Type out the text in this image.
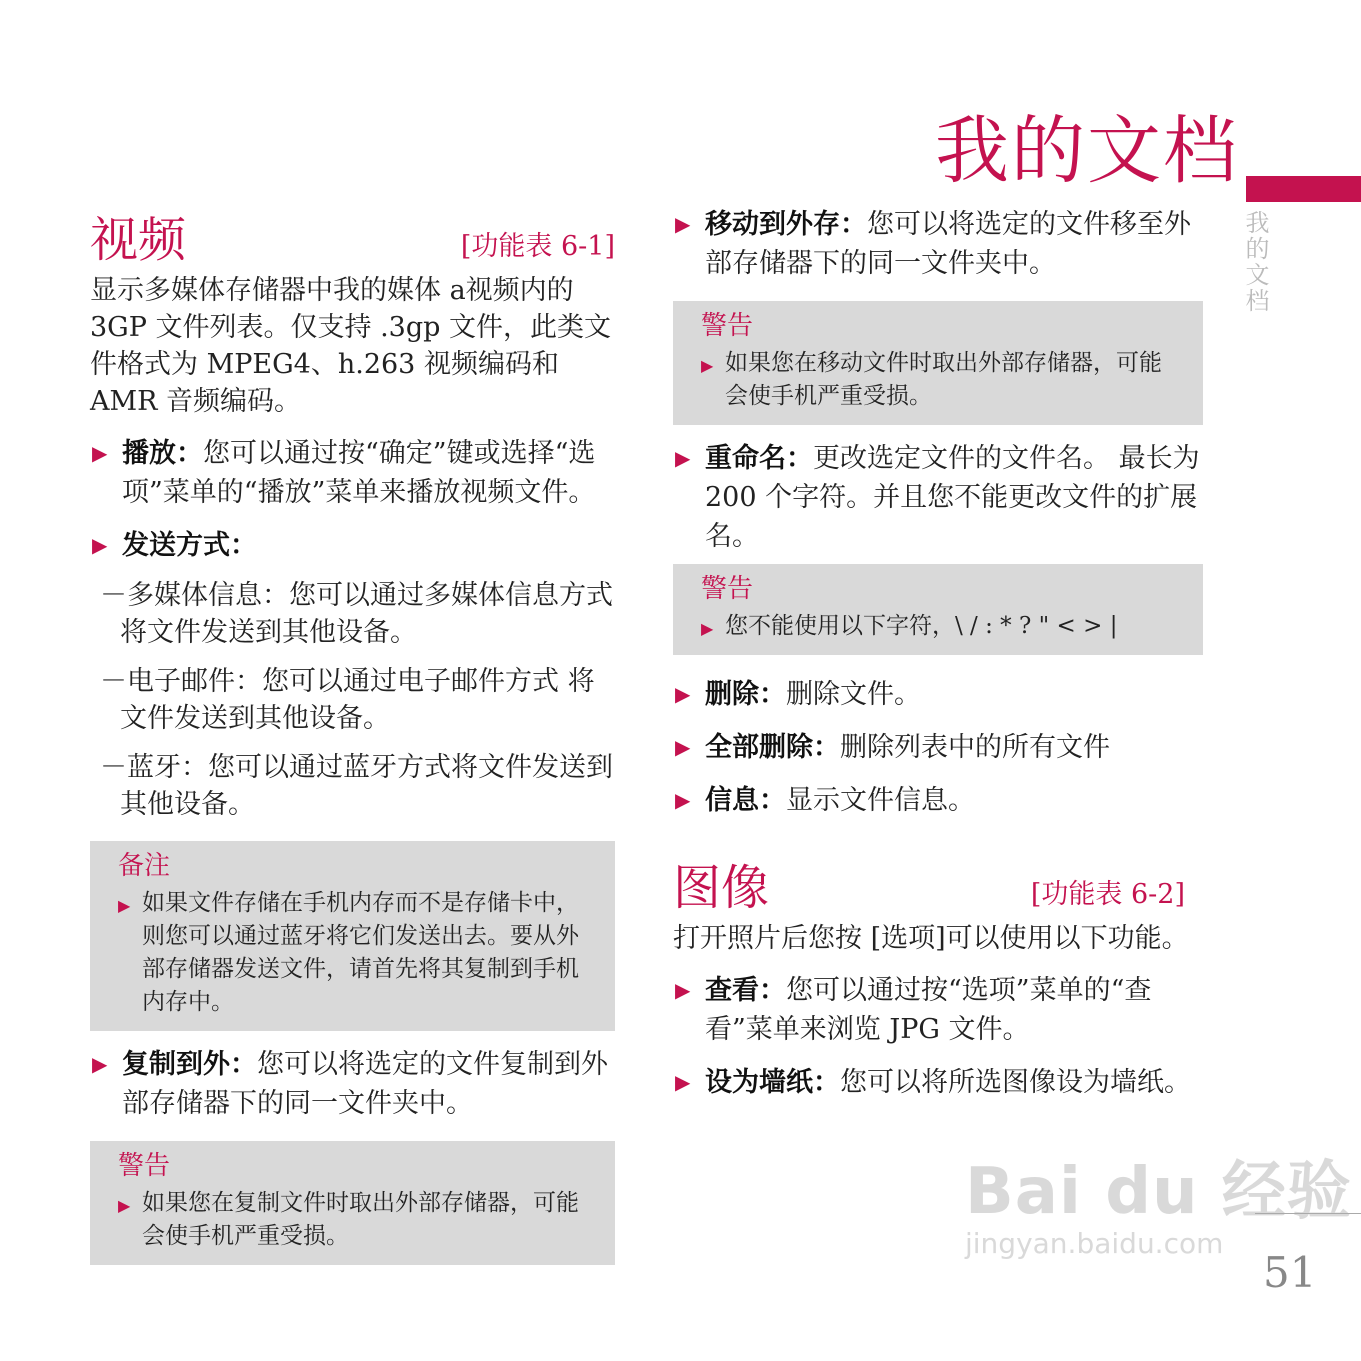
我的文档
我的文档
视频	[功能表 6-1]

显示多媒体存储器中我的媒体 a视频内的 3GP 文件列表。仅支持 .3gp 文件，此类文件格式为 MPEG4、h.263 视频编码和 AMR 音频编码。

▶ 播放：您可以通过按“确定”键或选择“选项”菜单的“播放”菜单来播放视频文件。
▶ 发送方式：

－多媒体信息：您可以通过多媒体信息方式将文件发送到其他设备。

－电子邮件：您可以通过电子邮件方式 将文件发送到其他设备。

－蓝牙：您可以通过蓝牙方式将文件发送到其他设备。

备注
▶ 如果文件存储在手机内存而不是存储卡中，则您可以通过蓝牙将它们发送出去。要从外部存储器发送文件，请首先将其复制到手机内存中。
▶ 复制到外：您可以将选定的文件复制到外部存储器下的同一文件夹中。
警告
▶ 如果您在复制文件时取出外部存储器，可能会使手机严重受损。
▶ 移动到外存：您可以将选定的文件移至外部存储器下的同一文件夹中。
警告
▶ 如果您在移动文件时取出外部存储器，可能会使手机严重受损。
▶ 重命名：更改选定文件的文件名。 最长为 200 个字符。并且您不能更改文件的扩展名。
警告
▶ 您不能使用以下字符，\ / : * ? " < > |
▶ 删除：删除文件。
▶ 全部删除：删除列表中的所有文件
▶ 信息：显示文件信息。
图像	[功能表 6-2]

打开照片后您按 [选项]可以使用以下功能。

▶ 查看：您可以通过按“选项”菜单的“查看”菜单来浏览 JPG 文件。
▶ 设为墙纸：您可以将所选图像设为墙纸。
51
Bai du 经验
jingyan.baidu.com
